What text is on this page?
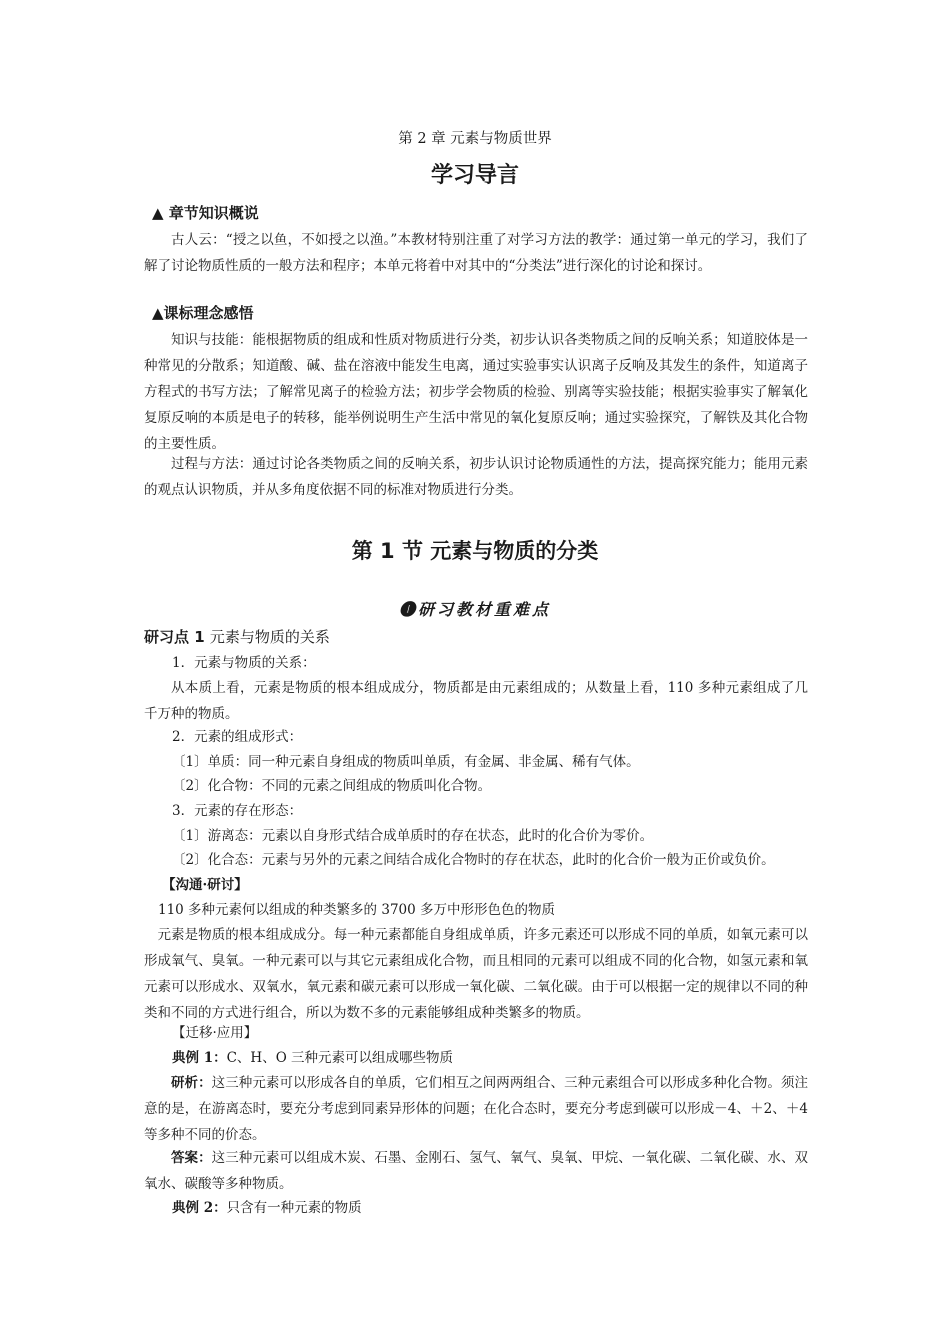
第 2 章 元素与物质世界
学习导言
▲ 章节知识概说
古人云：“授之以鱼，不如授之以渔。”本教材特别注重了对学习方法的教学：通过第一单元的学习，我们了解了讨论物质性质的一般方法和程序；本单元将着中对其中的“分类法”进行深化的讨论和探讨。
▲课标理念感悟
知识与技能：能根据物质的组成和性质对物质进行分类，初步认识各类物质之间的反响关系；知道胶体是一种常见的分散系；知道酸、碱、盐在溶液中能发生电离，通过实验事实认识离子反响及其发生的条件，知道离子方程式的书写方法；了解常见离子的检验方法；初步学会物质的检验、别离等实验技能；根据实验事实了解氧化复原反响的本质是电子的转移，能举例说明生产生活中常见的氧化复原反响；通过实验探究，了解铁及其化合物的主要性质。
过程与方法：通过讨论各类物质之间的反响关系，初步认识讨论物质通性的方法，提高探究能力；能用元素的观点认识物质，并从多角度依据不同的标准对物质进行分类。
第 1 节 元素与物质的分类
❶研习教材重难点
研习点 1 元素与物质的关系
1．元素与物质的关系：
从本质上看，元素是物质的根本组成成分，物质都是由元素组成的；从数量上看，110 多种元素组成了几千万种的物质。
2．元素的组成形式：
〔1〕单质：同一种元素自身组成的物质叫单质，有金属、非金属、稀有气体。
〔2〕化合物：不同的元素之间组成的物质叫化合物。
3．元素的存在形态：
〔1〕游离态：元素以自身形式结合成单质时的存在状态，此时的化合价为零价。
〔2〕化合态：元素与另外的元素之间结合成化合物时的存在状态，此时的化合价一般为正价或负价。
【沟通·研讨】
110 多种元素何以组成的种类繁多的 3700 多万中形形色色的物质
元素是物质的根本组成成分。每一种元素都能自身组成单质，许多元素还可以形成不同的单质，如氧元素可以形成氧气、臭氧。一种元素可以与其它元素组成化合物，而且相同的元素可以组成不同的化合物，如氢元素和氧元素可以形成水、双氧水，氧元素和碳元素可以形成一氧化碳、二氧化碳。由于可以根据一定的规律以不同的种类和不同的方式进行组合，所以为数不多的元素能够组成种类繁多的物质。
【迁移·应用】
典例 1：C、H、O 三种元素可以组成哪些物质
研析：这三种元素可以形成各自的单质，它们相互之间两两组合、三种元素组合可以形成多种化合物。须注意的是，在游离态时，要充分考虑到同素异形体的问题；在化合态时，要充分考虑到碳可以形成－4、＋2、＋4 等多种不同的价态。
答案：这三种元素可以组成木炭、石墨、金刚石、氢气、氧气、臭氧、甲烷、一氧化碳、二氧化碳、水、双氧水、碳酸等多种物质。
典例 2：只含有一种元素的物质
